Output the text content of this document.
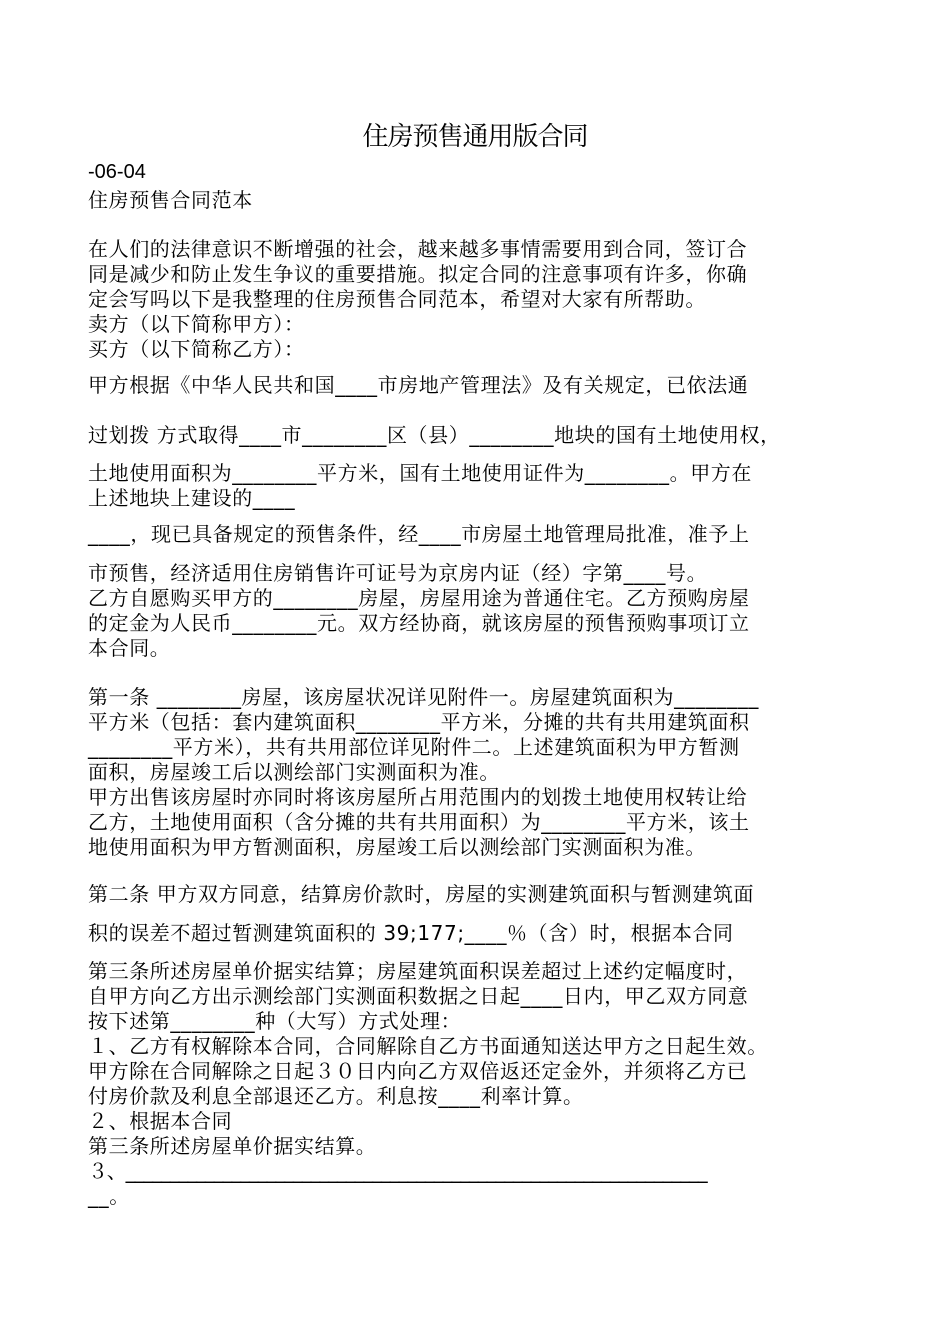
住房预售通用版合同
-06-04
住房预售合同范本
在人们的法律意识不断增强的社会，越来越多事情需要用到合同，签订合
同是减少和防止发生争议的重要措施。拟定合同的注意事项有许多，你确
定会写吗以下是我整理的住房预售合同范本，希望对大家有所帮助。
卖方（以下简称甲方）：
买方（以下简称乙方）：
甲方根据《中华人民共和国____市房地产管理法》及有关规定，已依法通
过划拨 方式取得____市________区（县）________地块的国有土地使用权，
土地使用面积为________平方米，国有土地使用证件为________。甲方在
上述地块上建设的____
____，现已具备规定的预售条件，经____市房屋土地管理局批准，准予上
市预售，经济适用住房销售许可证号为京房内证（经）字第____号。
乙方自愿购买甲方的________房屋，房屋用途为普通住宅。乙方预购房屋
的定金为人民币________元。双方经协商，就该房屋的预售预购事项订立
本合同。
第一条 ________房屋，该房屋状况详见附件一。房屋建筑面积为________
平方米（包括：套内建筑面积________平方米，分摊的共有共用建筑面积
________平方米），共有共用部位详见附件二。上述建筑面积为甲方暂测
面积，房屋竣工后以测绘部门实测面积为准。
甲方出售该房屋时亦同时将该房屋所占用范围内的划拨土地使用权转让给
乙方，土地使用面积（含分摊的共有共用面积）为________平方米，该土
地使用面积为甲方暂测面积，房屋竣工后以测绘部门实测面积为准。
第二条 甲方双方同意，结算房价款时，房屋的实测建筑面积与暂测建筑面
积的误差不超过暂测建筑面积的 39;177;____％（含）时，根据本合同
第三条所述房屋单价据实结算；房屋建筑面积误差超过上述约定幅度时，
自甲方向乙方出示测绘部门实测面积数据之日起____日内，甲乙双方同意
按下述第________种（大写）方式处理：
１、乙方有权解除本合同，合同解除自乙方书面通知送达甲方之日起生效。
甲方除在合同解除之日起３０日内向乙方双倍返还定金外，并须将乙方已
付房价款及利息全部退还乙方。利息按____利率计算。
２、根据本合同
第三条所述房屋单价据实结算。
３、__________________________________________________________________
__。
